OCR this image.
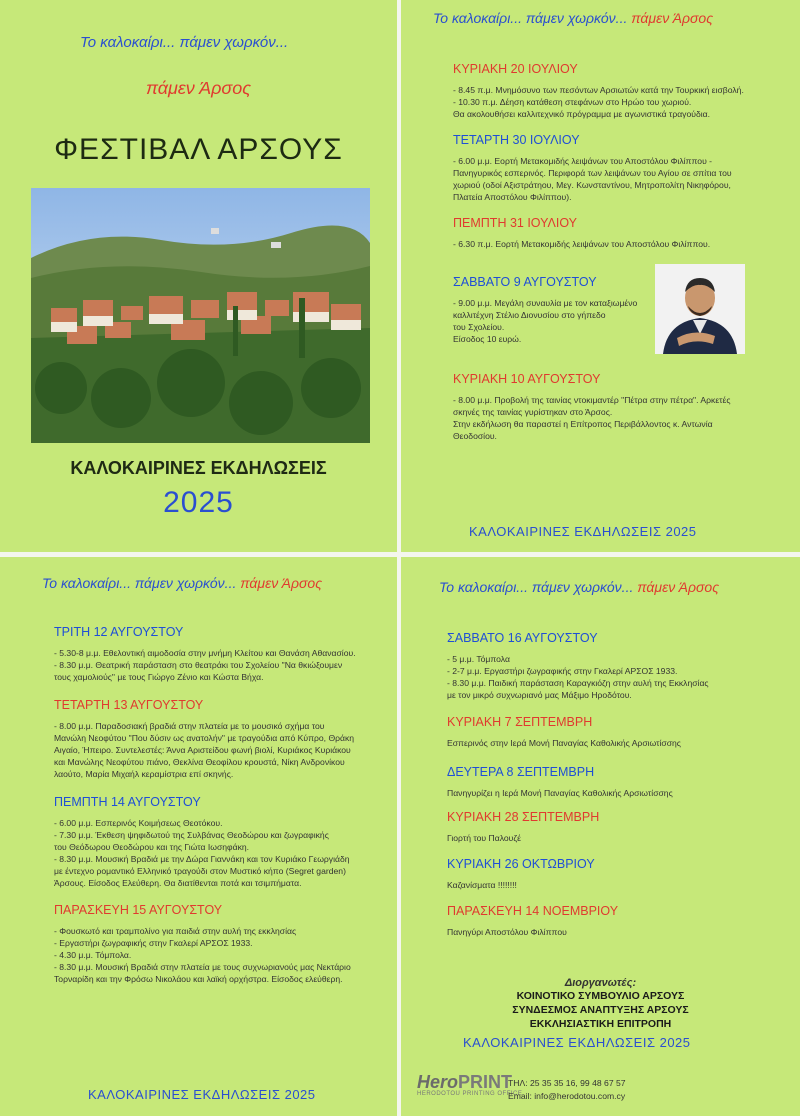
Το καλοκαίρι... πάμεν χωρκόν...
πάμεν Άρσος
ΦΕΣΤΙΒΑΛ ΑΡΣΟΥΣ
ΚΑΛΟΚΑΙΡΙΝΕΣ ΕΚΔΗΛΩΣΕΙΣ
2025
Το καλοκαίρι... πάμεν χωρκόν... πάμεν Άρσος
ΚΥΡΙΑΚΗ 20 ΙΟΥΛΙΟΥ
- 8.45 π.μ. Μνημόσυνο των πεσόντων Αρσιωτών κατά την Τουρκική εισβολή.
- 10.30 π.μ. Δέηση κατάθεση στεφάνων στο Ηρώο του χωριού.
Θα ακολουθήσει καλλιτεχνικό πρόγραμμα με αγωνιστικά τραγούδια.
ΤΕΤΑΡΤΗ 30 ΙΟΥΛΙΟΥ
- 6.00 μ.μ. Εορτή Μετακομιδής λειψάνων του Αποστόλου Φιλίππου -
Πανηγυρικός εσπερινός. Περιφορά των λειψάνων του Αγίου σε σπίτια του
χωριού (οδοί Αξιστράτηου, Μεγ. Κωνσταντίνου, Μητροπολίτη Νικηφόρου,
Πλατεία Αποστόλου Φιλίππου).
ΠΕΜΠΤΗ 31 ΙΟΥΛΙΟΥ
- 6.30 π.μ. Εορτή Μετακομιδής λειψάνων του Αποστόλου Φιλίππου.
ΣΑΒΒΑΤΟ 9 ΑΥΓΟΥΣΤΟΥ
- 9.00 μ.μ. Μεγάλη συναυλία με τον καταξιωμένο
καλλιτέχνη Στέλιο Διονυσίου στο γήπεδο
του Σχολείου.
Είσοδος 10 ευρώ.
ΚΥΡΙΑΚΗ 10 ΑΥΓΟΥΣΤΟΥ
- 8.00 μ.μ. Προβολή της ταινίας ντοκιμαντέρ "Πέτρα στην πέτρα". Αρκετές
σκηνές της ταινίας γυρίστηκαν στο Άρσος.
Στην εκδήλωση θα παραστεί η Επίτροπος Περιβάλλοντος κ. Αντωνία
Θεοδοσίου.
ΚΑΛΟΚΑΙΡΙΝΕΣ ΕΚΔΗΛΩΣΕΙΣ 2025
Το καλοκαίρι... πάμεν χωρκόν... πάμεν Άρσος
ΤΡΙΤΗ 12 ΑΥΓΟΥΣΤΟΥ
- 5.30-8 μ.μ. Εθελοντική αιμοδοσία στην μνήμη Κλείτου και Θανάση Αθανασίου.
- 8.30 μ.μ. Θεατρική παράσταση στο θεατράκι του Σχολείου "Να θκιώξουμεν
τους χαμολιούς" με τους Γιώργο Ζένιο και Κώστα Βήχα.
ΤΕΤΑΡΤΗ 13 ΑΥΓΟΥΣΤΟΥ
- 8.00 μ.μ. Παραδοσιακή βραδιά στην πλατεία με το μουσικό σχήμα του
Μανώλη Νεοφύτου "Που δύσιν ως ανατολήν" με τραγούδια από Κύπρο, Θράκη
Αιγαίο, Ήπειρο. Συντελεστές: Άννα Αριστείδου φωνή βιολί, Κυριάκος Κυριάκου
και Μανώλης Νεοφύτου πιάνο, Θεκλίνα Θεοφίλου κρουστά, Νίκη Ανδρονίκου
λαούτο, Μαρία Μιχαήλ κεραμίστρια επί σκηνής.
ΠΕΜΠΤΗ 14 ΑΥΓΟΥΣΤΟΥ
- 6.00 μ.μ. Εσπερινός Κοιμήσεως Θεοτόκου.
- 7.30 μ.μ. Έκθεση ψηφιδωτού της Συλβάνας Θεοδώρου και ζωγραφικής
του Θεόδωρου Θεοδώρου και της Γιώτα Ιωσηφάκη.
- 8.30 μ.μ. Μουσική Βραδιά με την Δώρα Γιαννάκη και τον Κυριάκο Γεωργιάδη
με έντεχνο ρομαντικό Ελληνικό τραγούδι στον Μυστικό κήπο (Segret garden)
Άρσους. Είσοδος Ελεύθερη. Θα διατίθενται ποτά και τσιμπήματα.
ΠΑΡΑΣΚΕΥΗ 15 ΑΥΓΟΥΣΤΟΥ
- Φουσκωτό και τραμπολίνο για παιδιά στην αυλή της εκκλησίας
- Εργαστήρι ζωγραφικής στην Γκαλερί ΑΡΣΟΣ 1933.
- 4.30 μ.μ. Τόμπολα.
- 8.30 μ.μ. Μουσική Βραδιά στην πλατεία με τους συχνωριανούς μας Νεκτάριο
Τορναρίδη και την Φρόσω Νικολάου και λαϊκή ορχήστρα. Είσοδος ελεύθερη.
ΚΑΛΟΚΑΙΡΙΝΕΣ ΕΚΔΗΛΩΣΕΙΣ 2025
Το καλοκαίρι... πάμεν χωρκόν... πάμεν Άρσος
ΣΑΒΒΑΤΟ 16 ΑΥΓΟΥΣΤΟΥ
- 5 μ.μ. Τόμπολα
- 2-7 μ.μ. Εργαστήρι ζωγραφικής στην Γκαλερί ΑΡΣΟΣ 1933.
- 8.30 μ.μ. Παιδική παράσταση Καραγκιόζη στην αυλή της Εκκλησίας
με τον μικρό συχνωριανό μας Μάξιμο Ηροδότου.
ΚΥΡΙΑΚΗ 7 ΣΕΠΤΕΜΒΡΗ
Εσπερινός στην Ιερά Μονή Παναγίας Καθολικής Αρσιωτίσσης
ΔΕΥΤΕΡΑ 8 ΣΕΠΤΕΜΒΡΗ
Πανηγυρίζει η Ιερά Μονή Παναγίας Καθολικής Αρσιωτίσσης
ΚΥΡΙΑΚΗ 28 ΣΕΠΤΕΜΒΡΗ
Γιορτή του Παλουζέ
ΚΥΡΙΑΚΗ 26 ΟΚΤΩΒΡΙΟΥ
Καζανίσματα !!!!!!!!
ΠΑΡΑΣΚΕΥΗ 14 ΝΟΕΜΒΡΙΟΥ
Πανηγύρι Αποστόλου Φιλίππου
Διοργανωτές:
ΚΟΙΝΟΤΙΚΟ ΣΥΜΒΟΥΛΙΟ ΑΡΣΟΥΣ
ΣΥΝΔΕΣΜΟΣ ΑΝΑΠΤΥΞΗΣ ΑΡΣΟΥΣ
ΕΚΚΛΗΣΙΑΣΤΙΚΗ ΕΠΙΤΡΟΠΗ
ΚΑΛΟΚΑΙΡΙΝΕΣ ΕΚΔΗΛΩΣΕΙΣ 2025
HeroPRINT
HERODOTOU PRINTING OFFICE
ΤΗΛ: 25 35 35 16, 99 48 67 57
Email: info@herodotou.com.cy
